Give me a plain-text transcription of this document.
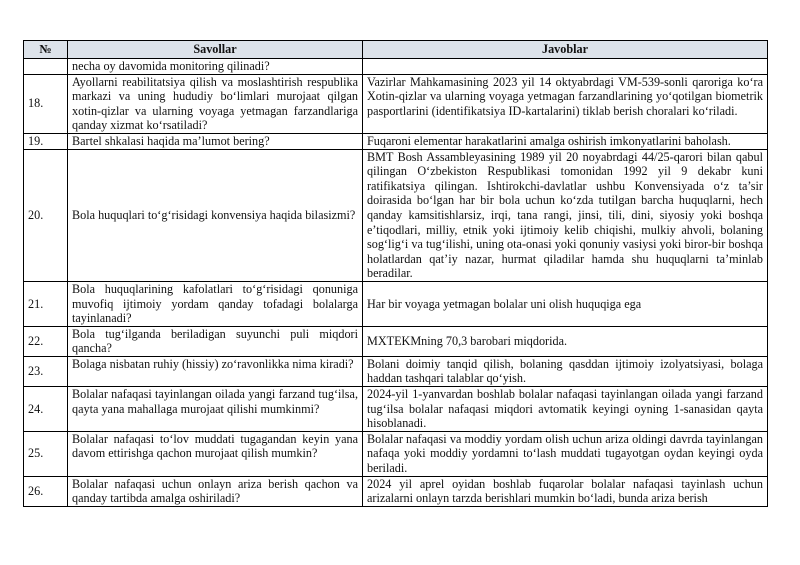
№	Savollar	Javoblar
	necha oy davomida monitoring qilinadi?	
18.	Ayollarni reabilitatsiya qilish va moslashtirish respublika markazi va uning hududiy bo‘limlari murojaat qilgan xotin-qizlar va ularning voyaga yetmagan farzandlariga qanday xizmat ko‘rsatiladi?	Vazirlar Mahkamasining 2023 yil 14 oktyabrdagi VM-539-sonli qaroriga ko‘ra Xotin-qizlar va ularning voyaga yetmagan farzandlarining yo‘qotilgan biometrik pasportlarini (identifikatsiya ID-kartalarini) tiklab berish choralari ko‘riladi.
19.	Bartel shkalasi haqida ma’lumot bering?	Fuqaroni elementar harakatlarini amalga oshirish imkonyatlarini baholash.
20.	Bola huquqlari to‘g‘risidagi konvensiya haqida bilasizmi?	BMT Bosh Assambleyasining 1989 yil 20 noyabrdagi 44/25-qarori bilan qabul qilingan O‘zbekiston Respublikasi tomonidan 1992 yil 9 dekabr kuni ratifikatsiya qilingan. Ishtirokchi-davlatlar ushbu Konvensiyada o‘z ta’sir doirasida bo‘lgan har bir bola uchun ko‘zda tutilgan barcha huquqlarni, hech qanday kamsitishlarsiz, irqi, tana rangi, jinsi, tili, dini, siyosiy yoki boshqa e’tiqodlari, milliy, etnik yoki ijtimoiy kelib chiqishi, mulkiy ahvoli, bolaning sog‘lig‘i va tug‘ilishi, uning ota-onasi yoki qonuniy vasiysi yoki biror-bir boshqa holatlardan qat’iy nazar, hurmat qiladilar hamda shu huquqlarni ta’minlab beradilar.
21.	Bola huquqlarining kafolatlari to‘g‘risidagi qonuniga muvofiq ijtimoiy yordam qanday tofadagi bolalarga tayinlanadi?	Har bir voyaga yetmagan bolalar uni olish huquqiga ega
22.	Bola tug‘ilganda beriladigan suyunchi puli miqdori qancha?	MXTEKMning 70,3 barobari miqdorida.
23.	Bolaga nisbatan ruhiy (hissiy) zo‘ravonlikka nima kiradi?	Bolani doimiy tanqid qilish, bolaning qasddan ijtimoiy izolyatsiyasi, bolaga haddan tashqari talablar qo‘yish.
24.	Bolalar nafaqasi tayinlangan oilada yangi farzand tug‘ilsa, qayta yana mahallaga murojaat qilishi mumkinmi?	2024-yil 1-yanvardan boshlab bolalar nafaqasi tayinlangan oilada yangi farzand tug‘ilsa bolalar nafaqasi miqdori avtomatik keyingi oyning 1-sanasidan qayta hisoblanadi.
25.	Bolalar nafaqasi to‘lov muddati tugagandan keyin yana davom ettirishga qachon murojaat qilish mumkin?	Bolalar nafaqasi va moddiy yordam olish uchun ariza oldingi davrda tayinlangan nafaqa yoki moddiy yordamni to‘lash muddati tugayotgan oydan keyingi oyda beriladi.
26.	Bolalar nafaqasi uchun onlayn ariza berish qachon va qanday tartibda amalga oshiriladi?	2024 yil aprel oyidan boshlab fuqarolar bolalar nafaqasi tayinlash uchun arizalarni onlayn tarzda berishlari mumkin bo‘ladi, bunda ariza berish
